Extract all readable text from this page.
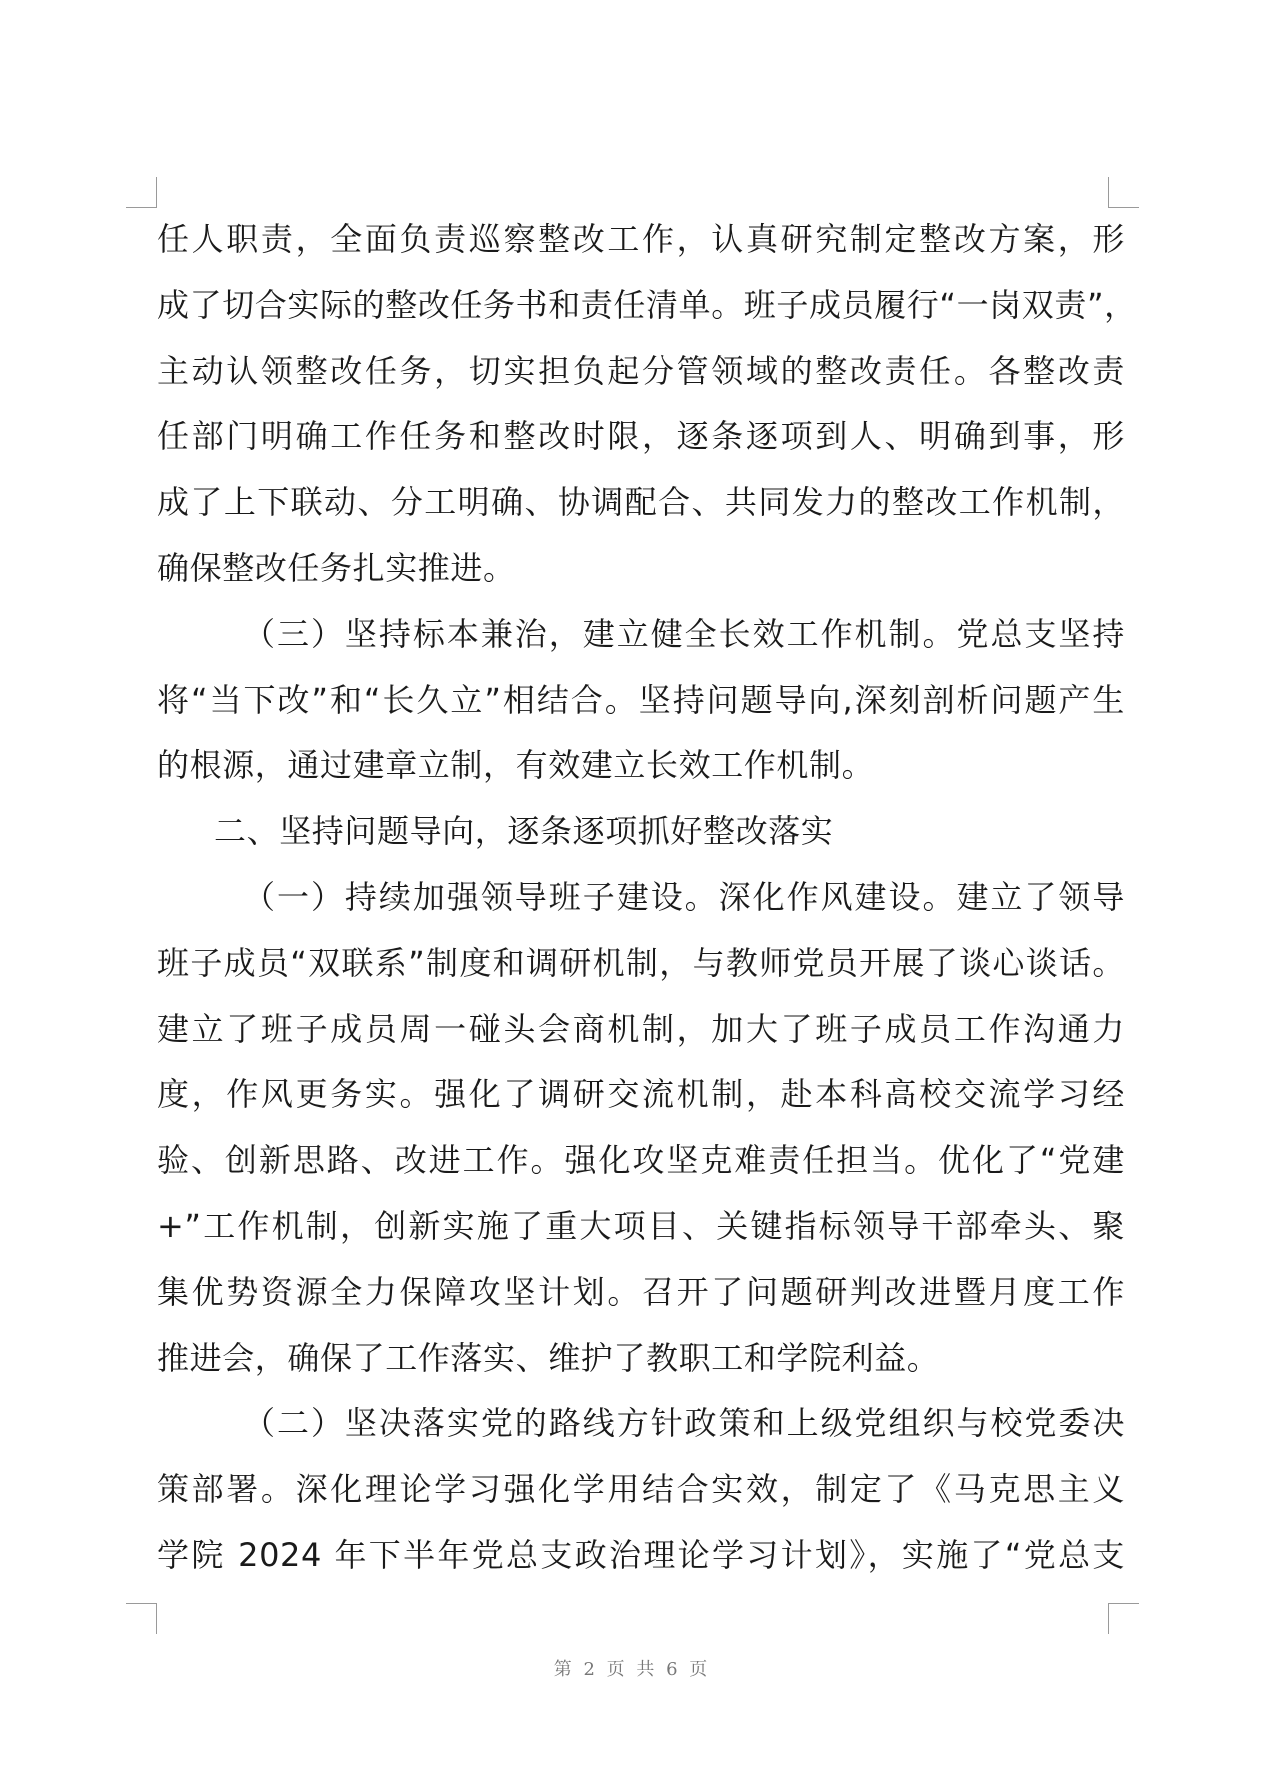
任人职责，全面负责巡察整改工作，认真研究制定整改方案，形
成了切合实际的整改任务书和责任清单。班子成员履行“一岗双责”，
主动认领整改任务，切实担负起分管领域的整改责任。各整改责
任部门明确工作任务和整改时限，逐条逐项到人、明确到事，形
成了上下联动、分工明确、协调配合、共同发力的整改工作机制，
确保整改任务扎实推进。
（三）坚持标本兼治，建立健全长效工作机制。党总支坚持
将“当下改”和“长久立”相结合。坚持问题导向,深刻剖析问题产生
的根源，通过建章立制，有效建立长效工作机制。
二、坚持问题导向，逐条逐项抓好整改落实
（一）持续加强领导班子建设。深化作风建设。建立了领导
班子成员“双联系”制度和调研机制，与教师党员开展了谈心谈话。
建立了班子成员周一碰头会商机制，加大了班子成员工作沟通力
度，作风更务实。强化了调研交流机制，赴本科高校交流学习经
验、创新思路、改进工作。强化攻坚克难责任担当。优化了“党建
+”工作机制，创新实施了重大项目、关键指标领导干部牵头、聚
集优势资源全力保障攻坚计划。召开了问题研判改进暨月度工作
推进会，确保了工作落实、维护了教职工和学院利益。
（二）坚决落实党的路线方针政策和上级党组织与校党委决
策部署。深化理论学习强化学用结合实效，制定了《马克思主义
学院 2024 年下半年党总支政治理论学习计划》，实施了“党总支
第 2 页 共 6 页
